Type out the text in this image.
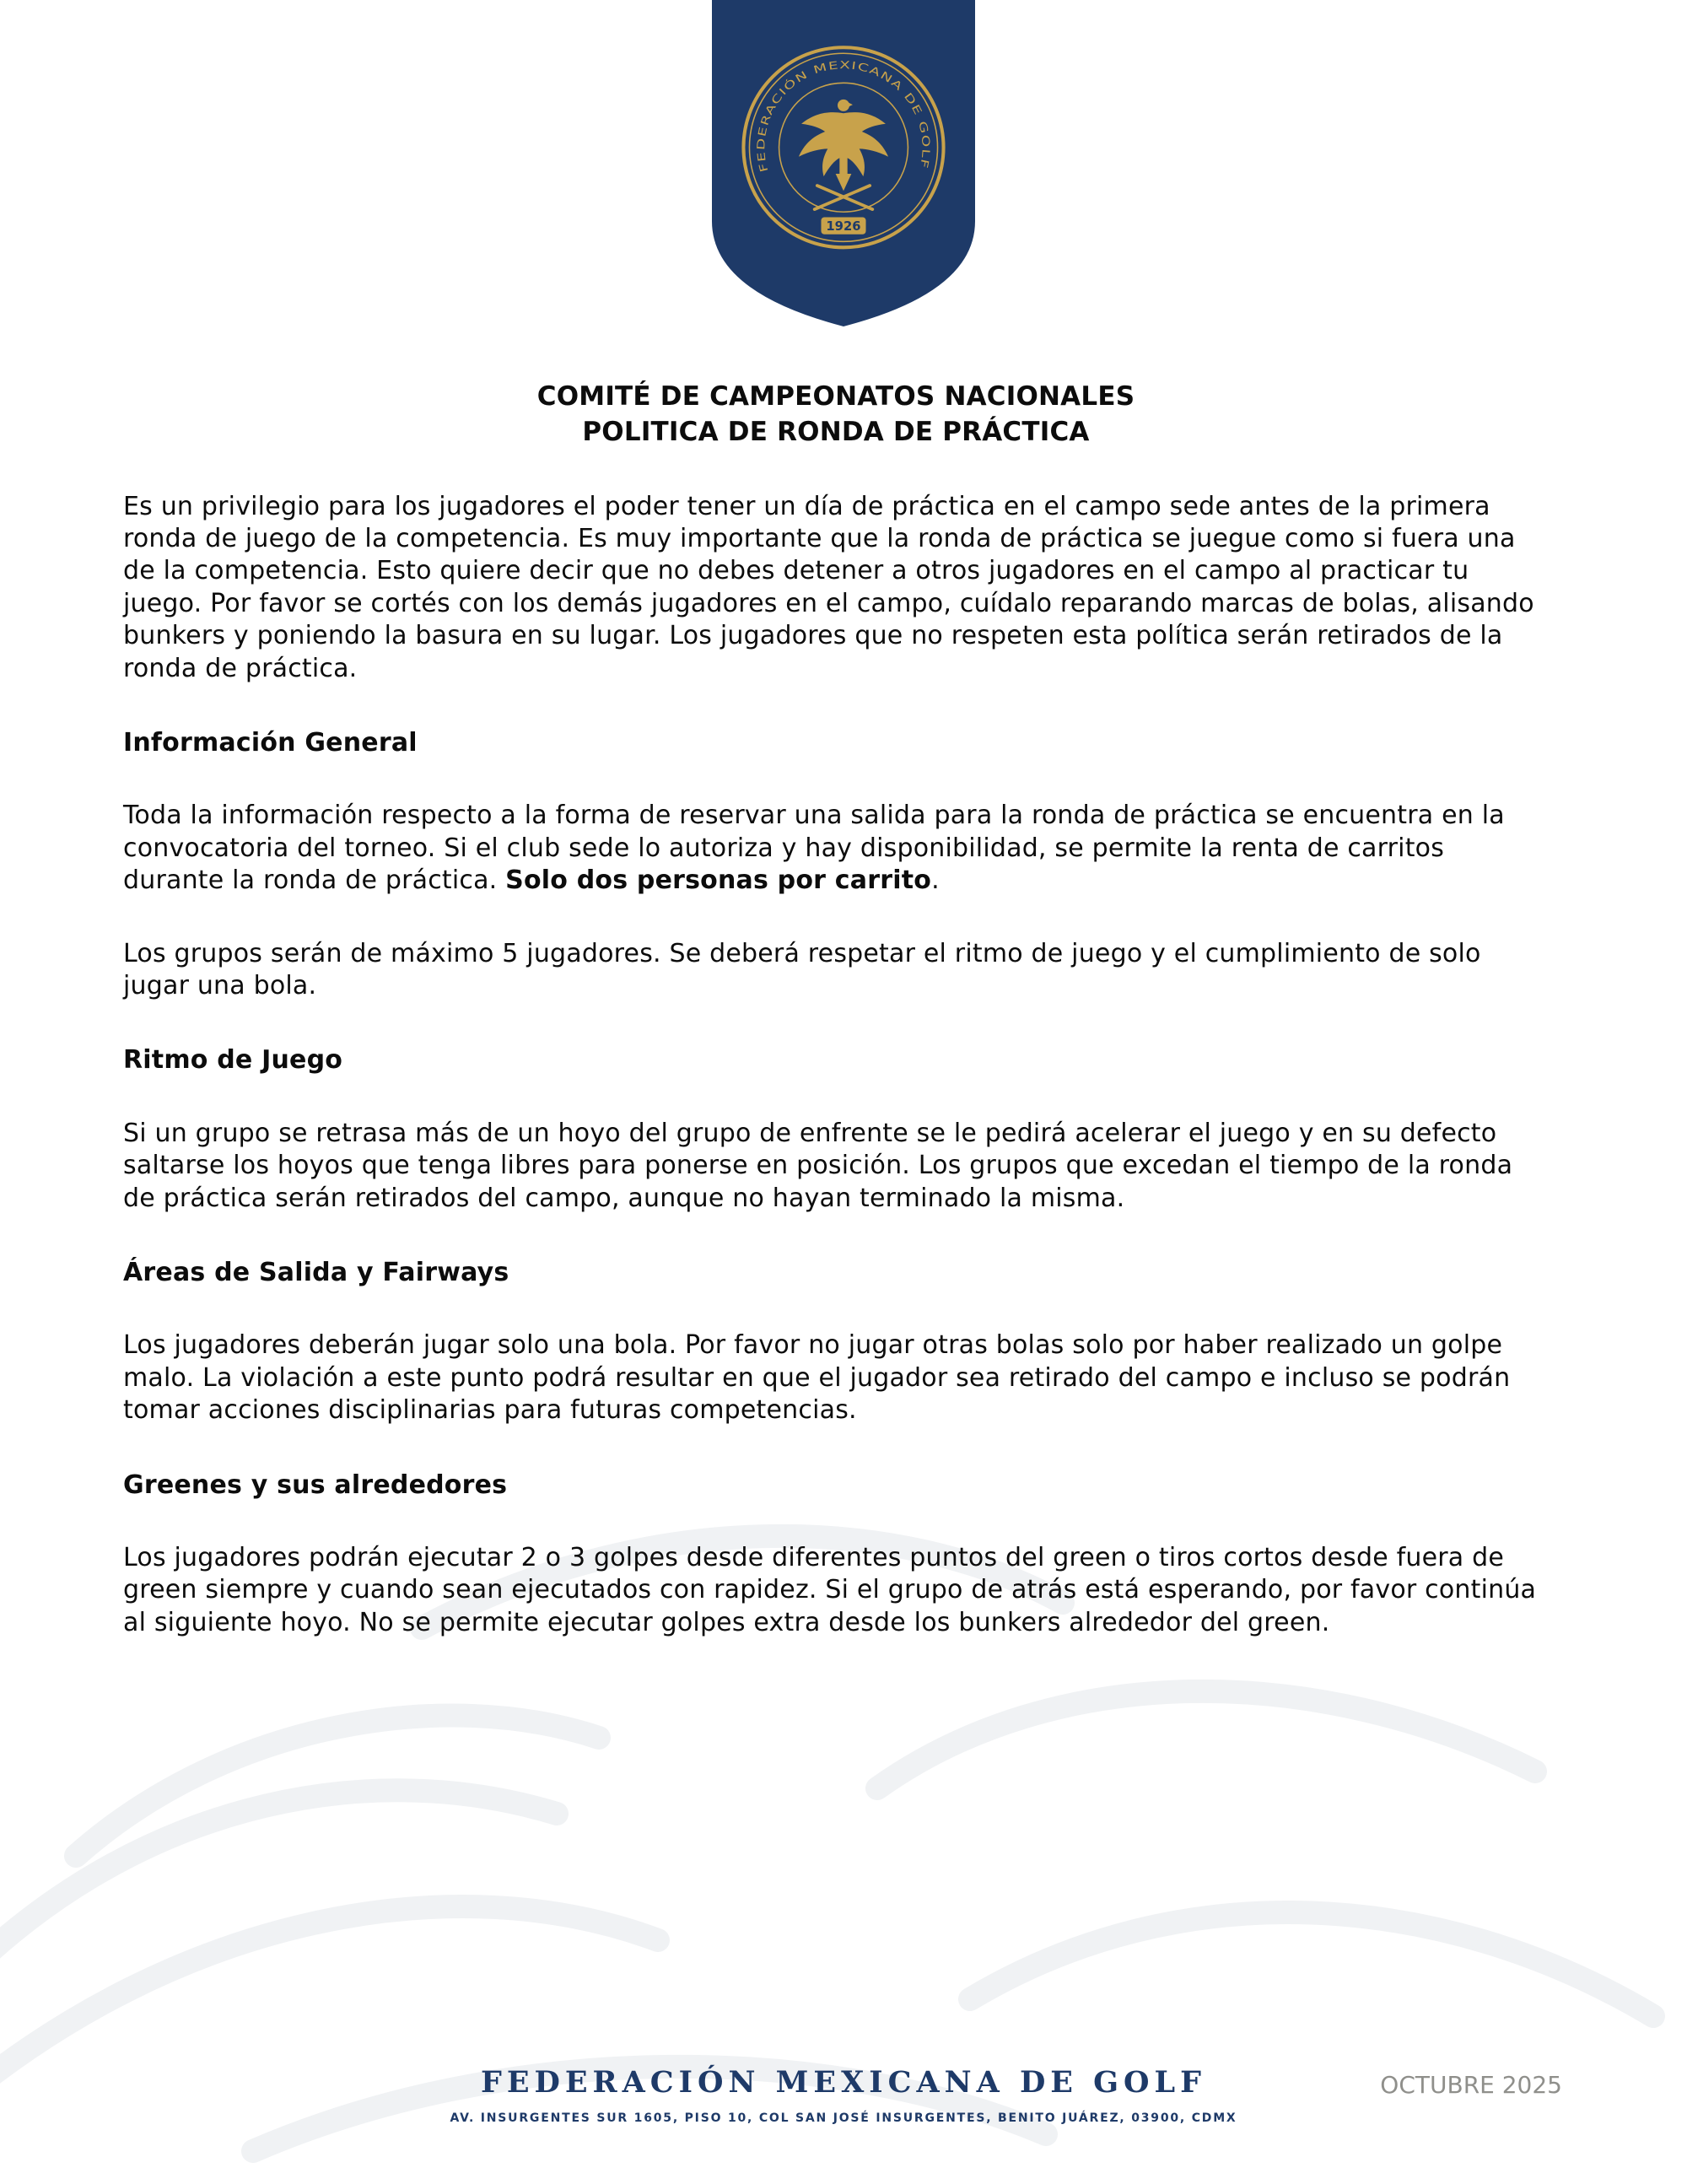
FEDERACIÓN MEXICANA DE GOLF
1926
COMITÉ DE CAMPEONATOS NACIONALES
POLITICA DE RONDA DE PRÁCTICA

Es un privilegio para los jugadores el poder tener un día de práctica en el campo sede antes de la primera ronda de juego de la competencia. Es muy importante que la ronda de práctica se juegue como si fuera una de la competencia. Esto quiere decir que no debes detener a otros jugadores en el campo al practicar tu juego. Por favor se cortés con los demás jugadores en el campo, cuídalo reparando marcas de bolas, alisando bunkers y poniendo la basura en su lugar. Los jugadores que no respeten esta política serán retirados de la ronda de práctica.

Información General

Toda la información respecto a la forma de reservar una salida para la ronda de práctica se encuentra en la convocatoria del torneo. Si el club sede lo autoriza y hay disponibilidad, se permite la renta de carritos durante la ronda de práctica. Solo dos personas por carrito.

Los grupos serán de máximo 5 jugadores. Se deberá respetar el ritmo de juego y el cumplimiento de solo jugar una bola.

Ritmo de Juego

Si un grupo se retrasa más de un hoyo del grupo de enfrente se le pedirá acelerar el juego y en su defecto saltarse los hoyos que tenga libres para ponerse en posición. Los grupos que excedan el tiempo de la ronda de práctica serán retirados del campo, aunque no hayan terminado la misma.

Áreas de Salida y Fairways

Los jugadores deberán jugar solo una bola. Por favor no jugar otras bolas solo por haber realizado un golpe malo. La violación a este punto podrá resultar en que el jugador sea retirado del campo e incluso se podrán tomar acciones disciplinarias para futuras competencias.

Greenes y sus alrededores

Los jugadores podrán ejecutar 2 o 3 golpes desde diferentes puntos del green o tiros cortos desde fuera de green siempre y cuando sean ejecutados con rapidez. Si el grupo de atrás está esperando, por favor continúa al siguiente hoyo. No se permite ejecutar golpes extra desde los bunkers alrededor del green.

FEDERACIÓN MEXICANA DE GOLF
AV. INSURGENTES SUR 1605, PISO 10, COL SAN JOSÉ INSURGENTES, BENITO JUÁREZ, 03900, CDMX
OCTUBRE 2025
